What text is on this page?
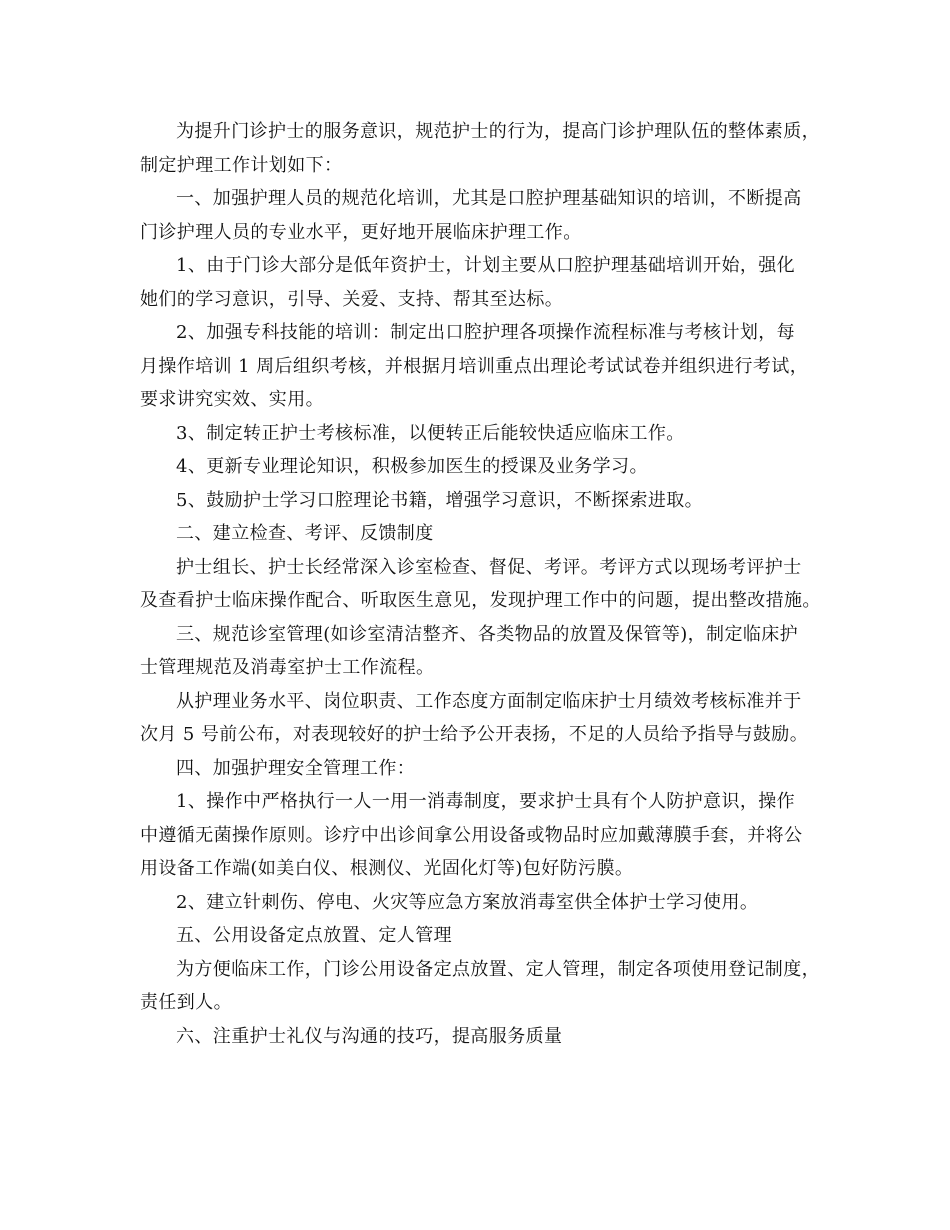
为提升门诊护士的服务意识，规范护士的行为，提高门诊护理队伍的整体素质，
制定护理工作计划如下：

一、加强护理人员的规范化培训，尤其是口腔护理基础知识的培训，不断提高
门诊护理人员的专业水平，更好地开展临床护理工作。

1、由于门诊大部分是低年资护士，计划主要从口腔护理基础培训开始，强化
她们的学习意识，引导、关爱、支持、帮其至达标。

2、加强专科技能的培训：制定出口腔护理各项操作流程标准与考核计划，每
月操作培训 1 周后组织考核，并根据月培训重点出理论考试试卷并组织进行考试，
要求讲究实效、实用。

3、制定转正护士考核标准，以便转正后能较快适应临床工作。

4、更新专业理论知识，积极参加医生的授课及业务学习。

5、鼓励护士学习口腔理论书籍，增强学习意识，不断探索进取。

二、建立检查、考评、反馈制度

护士组长、护士长经常深入诊室检查、督促、考评。考评方式以现场考评护士
及查看护士临床操作配合、听取医生意见，发现护理工作中的问题，提出整改措施。

三、规范诊室管理(如诊室清洁整齐、各类物品的放置及保管等)，制定临床护
士管理规范及消毒室护士工作流程。

从护理业务水平、岗位职责、工作态度方面制定临床护士月绩效考核标准并于
次月 5 号前公布，对表现较好的护士给予公开表扬，不足的人员给予指导与鼓励。

四、加强护理安全管理工作：

1、操作中严格执行一人一用一消毒制度，要求护士具有个人防护意识，操作
中遵循无菌操作原则。诊疗中出诊间拿公用设备或物品时应加戴薄膜手套，并将公
用设备工作端(如美白仪、根测仪、光固化灯等)包好防污膜。

2、建立针刺伤、停电、火灾等应急方案放消毒室供全体护士学习使用。

五、公用设备定点放置、定人管理

为方便临床工作，门诊公用设备定点放置、定人管理，制定各项使用登记制度，
责任到人。

六、注重护士礼仪与沟通的技巧，提高服务质量
